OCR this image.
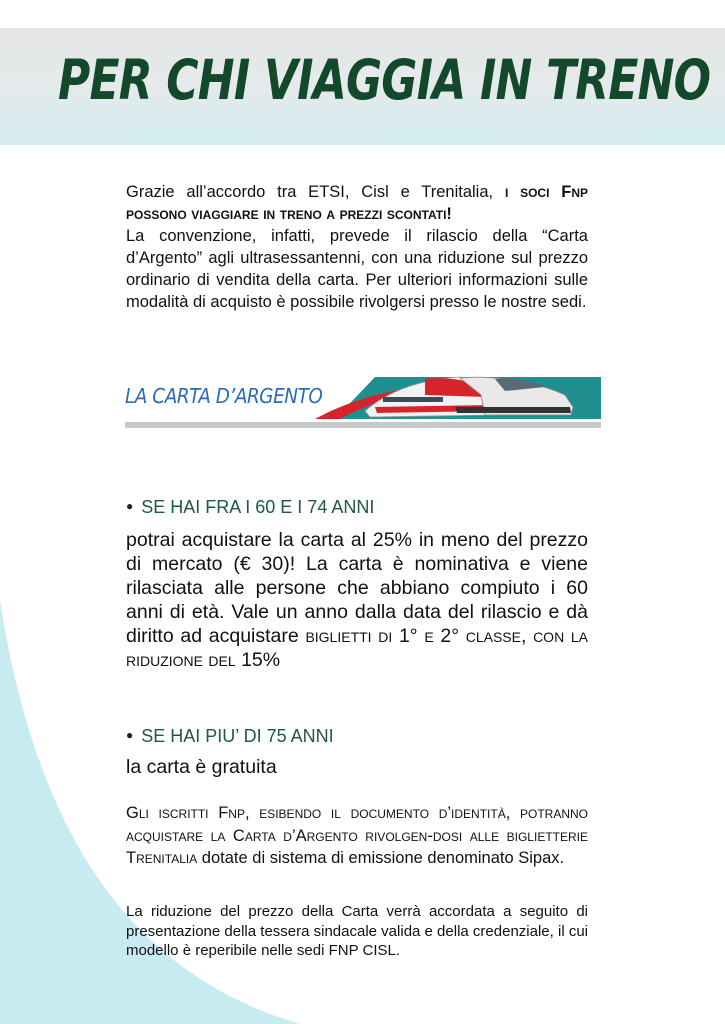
PER CHI VIAGGIA IN TRENO
Grazie all’accordo tra ETSI, Cisl e Trenitalia, i soci Fnp possono viaggiare in treno a prezzi scontati!
La convenzione, infatti, prevede il rilascio della “Carta d’Argento” agli ultrasessantenni, con una riduzione sul prezzo ordinario di vendita della carta. Per ulteriori informazioni sulle modalità di acquisto è possibile rivolgersi presso le nostre sedi.

LA CARTA D’ARGENTO

● SE HAI FRA I 60 E I 74 ANNI
potrai acquistare la carta al 25% in meno del prezzo di mercato (€ 30)! La carta è nominativa e viene rilasciata alle persone che abbiano compiuto i 60 anni di età. Vale un anno dalla data del rilascio e dà diritto ad acquistare biglietti di 1° e 2° classe, con la riduzione del 15%
● SE HAI PIU’ DI 75 ANNI
la carta è gratuita
Gli iscritti Fnp, esibendo il documento d’identità, potranno acquistare la Carta d’Argento rivolgen-dosi alle biglietterie Trenitalia dotate di sistema di emissione denominato Sipax.
La riduzione del prezzo della Carta verrà accordata a seguito di presentazione della tessera sindacale valida e della credenziale, il cui modello è reperibile nelle sedi FNP CISL.
